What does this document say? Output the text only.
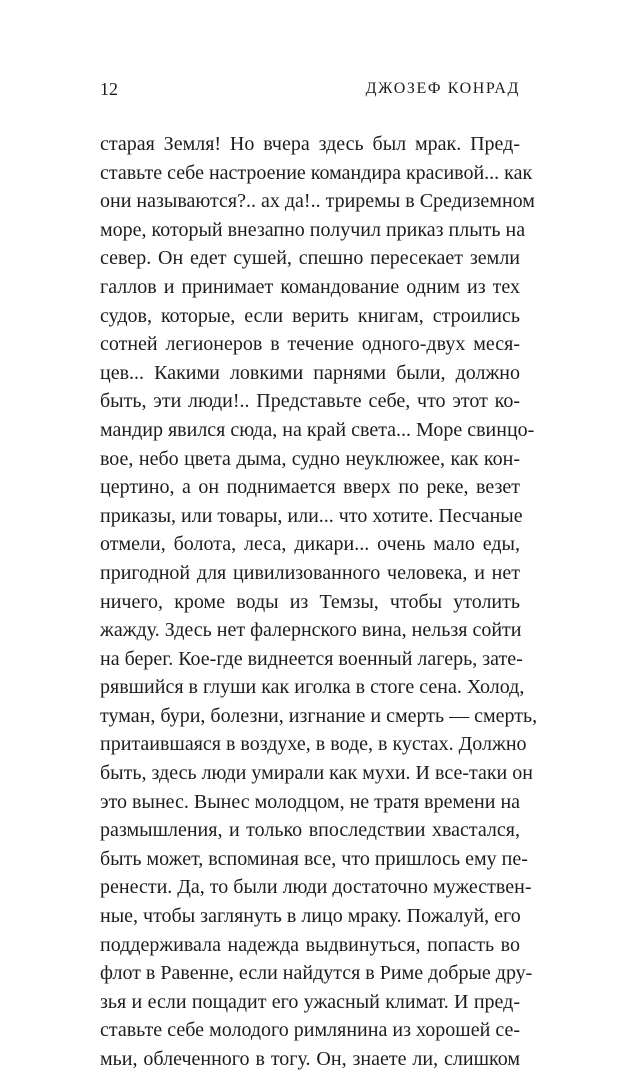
12	ДЖОЗЕФ КОНРАД
старая Земля! Но вчера здесь был мрак. Пред-
ставьте себе настроение командира красивой... как
они называются?.. ах да!.. триремы в Средиземном
море, который внезапно получил приказ плыть на
север. Он едет сушей, спешно пересекает земли
галлов и принимает командование одним из тех
судов, которые, если верить книгам, строились
сотней легионеров в течение одного-двух меся-
цев... Какими ловкими парнями были, должно
быть, эти люди!.. Представьте себе, что этот ко-
мандир явился сюда, на край света... Море свинцо-
вое, небо цвета дыма, судно неуклюжее, как кон-
цертино, а он поднимается вверх по реке, везет
приказы, или товары, или... что хотите. Песчаные
отмели, болота, леса, дикари... очень мало еды,
пригодной для цивилизованного человека, и нет
ничего, кроме воды из Темзы, чтобы утолить
жажду. Здесь нет фалернского вина, нельзя сойти
на берег. Кое-где виднеется военный лагерь, зате-
рявшийся в глуши как иголка в стоге сена. Холод,
туман, бури, болезни, изгнание и смерть — смерть,
притаившаяся в воздухе, в воде, в кустах. Должно
быть, здесь люди умирали как мухи. И все-таки он
это вынес. Вынес молодцом, не тратя времени на
размышления, и только впоследствии хвастался,
быть может, вспоминая все, что пришлось ему пе-
ренести. Да, то были люди достаточно мужествен-
ные, чтобы заглянуть в лицо мраку. Пожалуй, его
поддерживала надежда выдвинуться, попасть во
флот в Равенне, если найдутся в Риме добрые дру-
зья и если пощадит его ужасный климат. И пред-
ставьте себе молодого римлянина из хорошей се-
мьи, облеченного в тогу. Он, знаете ли, слишком
